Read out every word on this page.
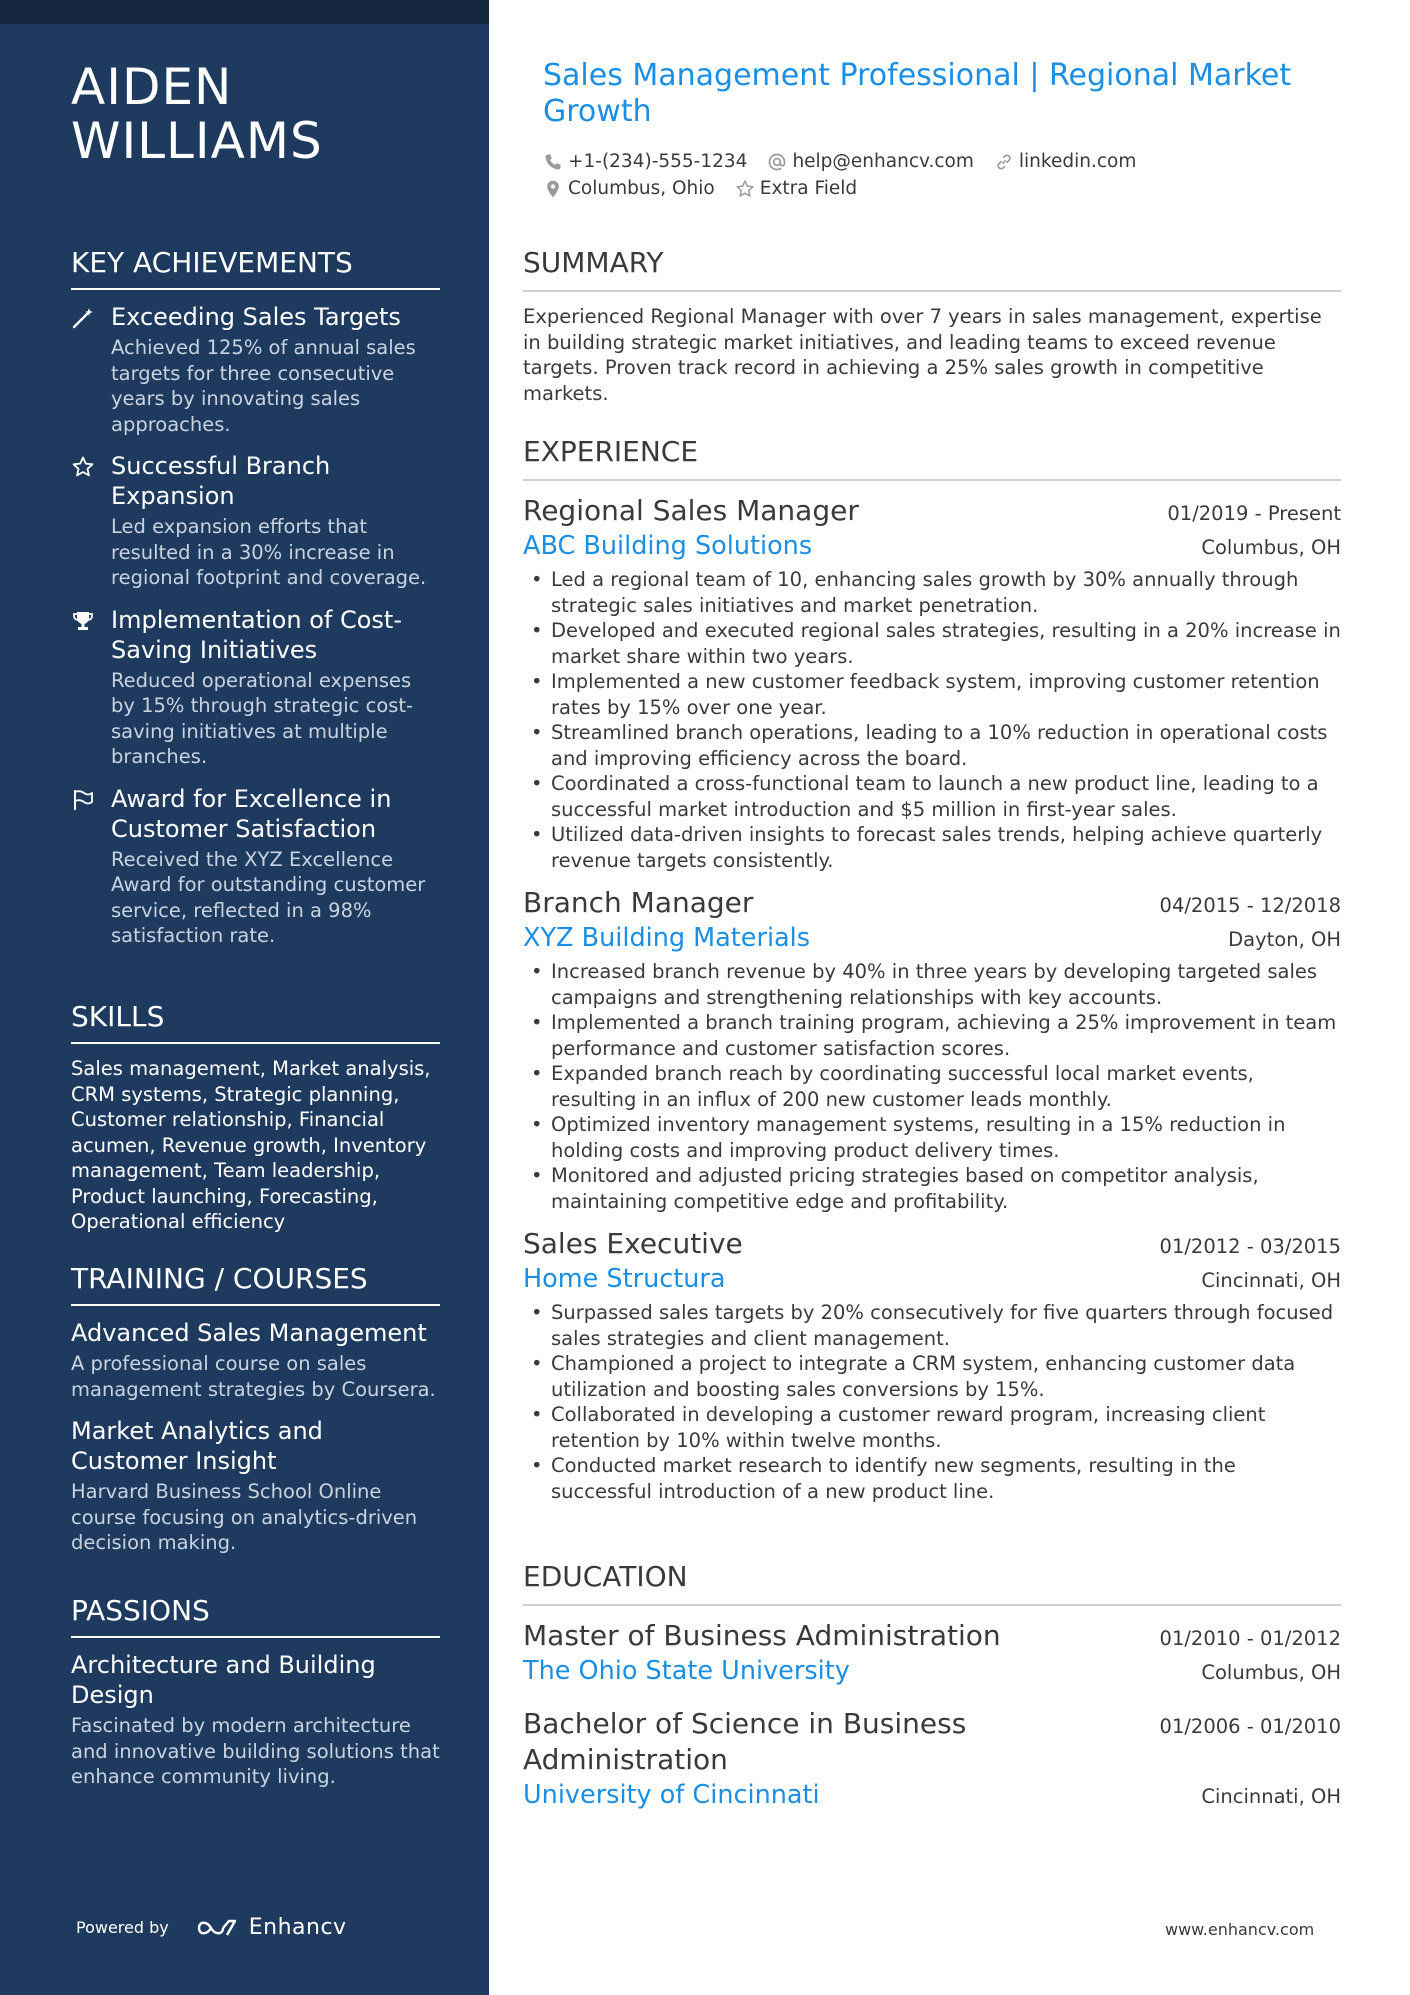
AIDEN WILLIAMS
KEY ACHIEVEMENTS
Exceeding Sales Targets
Achieved 125% of annual sales targets for three consecutive years by innovating sales approaches.
Successful Branch Expansion
Led expansion efforts that resulted in a 30% increase in regional footprint and coverage.
Implementation of Cost-Saving Initiatives
Reduced operational expenses by 15% through strategic cost-saving initiatives at multiple branches.
Award for Excellence in Customer Satisfaction
Received the XYZ Excellence Award for outstanding customer service, reflected in a 98% satisfaction rate.
SKILLS
Sales management, Market analysis, CRM systems, Strategic planning, Customer relationship, Financial acumen, Revenue growth, Inventory management, Team leadership, Product launching, Forecasting, Operational efficiency
TRAINING / COURSES
Advanced Sales Management
A professional course on sales management strategies by Coursera.
Market Analytics and Customer Insight
Harvard Business School Online course focusing on analytics-driven decision making.
PASSIONS
Architecture and Building Design
Fascinated by modern architecture and innovative building solutions that enhance community living.
Powered by	Enhancv
Sales Management Professional | Regional Market Growth
+1-(234)-555-1234 help@enhancv.com linkedin.com
Columbus, Ohio Extra Field
SUMMARY
Experienced Regional Manager with over 7 years in sales management, expertise in building strategic market initiatives, and leading teams to exceed revenue targets. Proven track record in achieving a 25% sales growth in competitive markets.
EXPERIENCE
Regional Sales Manager	01/2019 - Present
ABC Building Solutions	Columbus, OH
• Led a regional team of 10, enhancing sales growth by 30% annually through strategic sales initiatives and market penetration.
• Developed and executed regional sales strategies, resulting in a 20% increase in market share within two years.
• Implemented a new customer feedback system, improving customer retention rates by 15% over one year.
• Streamlined branch operations, leading to a 10% reduction in operational costs and improving efficiency across the board.
• Coordinated a cross-functional team to launch a new product line, leading to a successful market introduction and $5 million in first-year sales.
• Utilized data-driven insights to forecast sales trends, helping achieve quarterly revenue targets consistently.
Branch Manager	04/2015 - 12/2018
XYZ Building Materials	Dayton, OH
• Increased branch revenue by 40% in three years by developing targeted sales campaigns and strengthening relationships with key accounts.
• Implemented a branch training program, achieving a 25% improvement in team performance and customer satisfaction scores.
• Expanded branch reach by coordinating successful local market events, resulting in an influx of 200 new customer leads monthly.
• Optimized inventory management systems, resulting in a 15% reduction in holding costs and improving product delivery times.
• Monitored and adjusted pricing strategies based on competitor analysis, maintaining competitive edge and profitability.
Sales Executive	01/2012 - 03/2015
Home Structura	Cincinnati, OH
• Surpassed sales targets by 20% consecutively for five quarters through focused sales strategies and client management.
• Championed a project to integrate a CRM system, enhancing customer data utilization and boosting sales conversions by 15%.
• Collaborated in developing a customer reward program, increasing client retention by 10% within twelve months.
• Conducted market research to identify new segments, resulting in the successful introduction of a new product line.
EDUCATION
Master of Business Administration	01/2010 - 01/2012
The Ohio State University	Columbus, OH
Bachelor of Science in Business Administration
01/2006 - 01/2010
University of Cincinnati	Cincinnati, OH
www.enhancv.com
